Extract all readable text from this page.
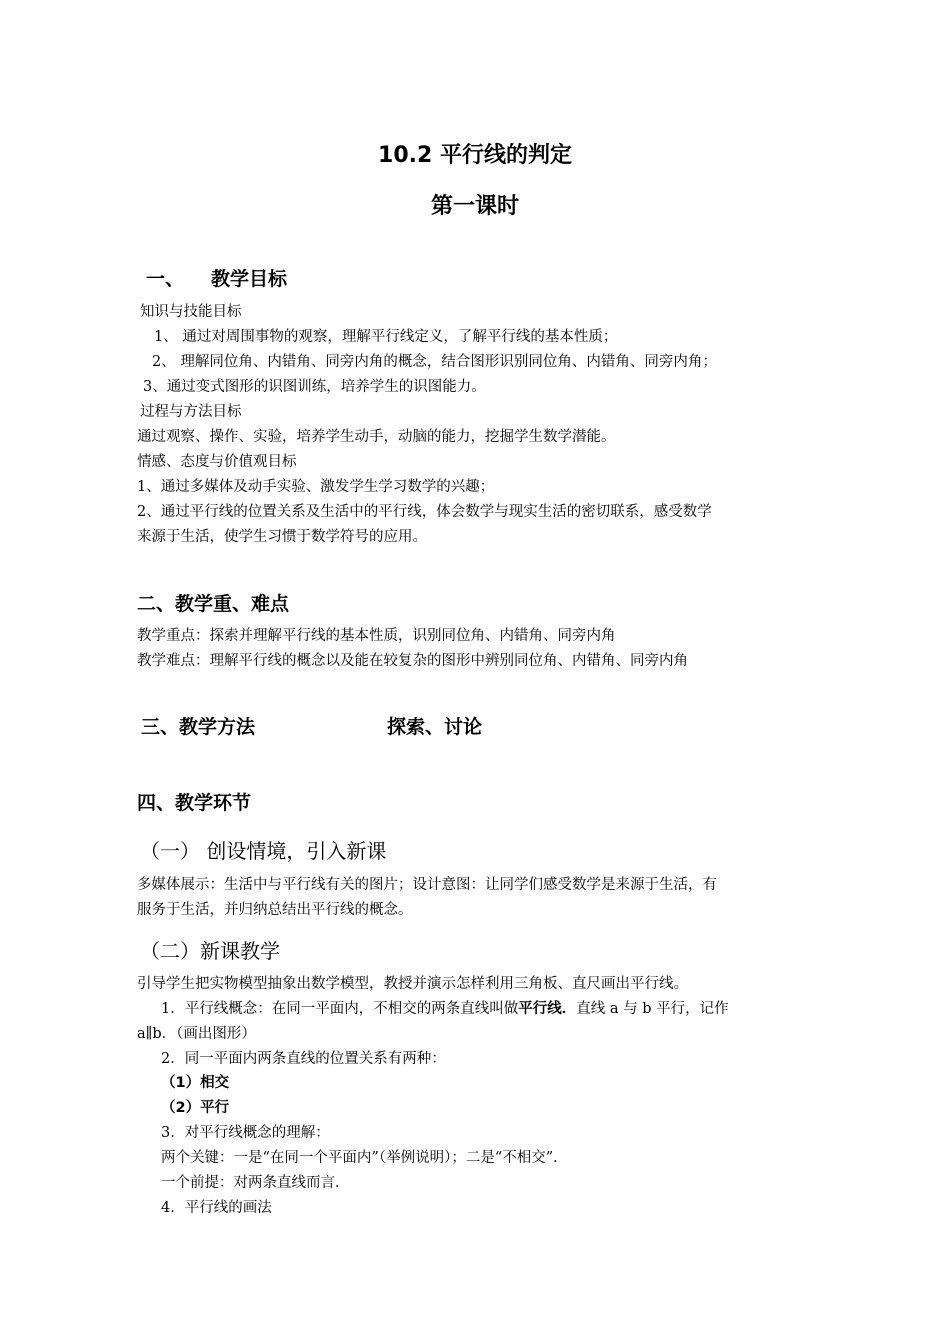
10.2 平行线的判定
第一课时
一、 教学目标
知识与技能目标
1、 通过对周围事物的观察，理解平行线定义，了解平行线的基本性质；
2、 理解同位角、内错角、同旁内角的概念，结合图形识别同位角、内错角、同旁内角；
3、通过变式图形的识图训练，培养学生的识图能力。
过程与方法目标
通过观察、操作、实验，培养学生动手，动脑的能力，挖掘学生数学潜能。
情感、态度与价值观目标
1、通过多媒体及动手实验、激发学生学习数学的兴趣；
2、通过平行线的位置关系及生活中的平行线，体会数学与现实生活的密切联系，感受数学
来源于生活，使学生习惯于数学符号的应用。
二、教学重、难点
教学重点：探索并理解平行线的基本性质，识别同位角、内错角、同旁内角
教学难点：理解平行线的概念以及能在较复杂的图形中辨别同位角、内错角、同旁内角
三、教学方法	探索、讨论
四、教学环节
（一） 创设情境，引入新课
多媒体展示：生活中与平行线有关的图片；设计意图：让同学们感受数学是来源于生活，有
服务于生活，并归纳总结出平行线的概念。
（二）新课教学
引导学生把实物模型抽象出数学模型，教授并演示怎样利用三角板、直尺画出平行线。
1．平行线概念：在同一平面内，不相交的两条直线叫做平行线．直线 a 与 b 平行，记作
a∥b．（画出图形）
2．同一平面内两条直线的位置关系有两种：
（1）相交
（2）平行
3．对平行线概念的理解：
两个关键：一是“在同一个平面内”（举例说明）；二是“不相交”．
一个前提：对两条直线而言．
4．平行线的画法
